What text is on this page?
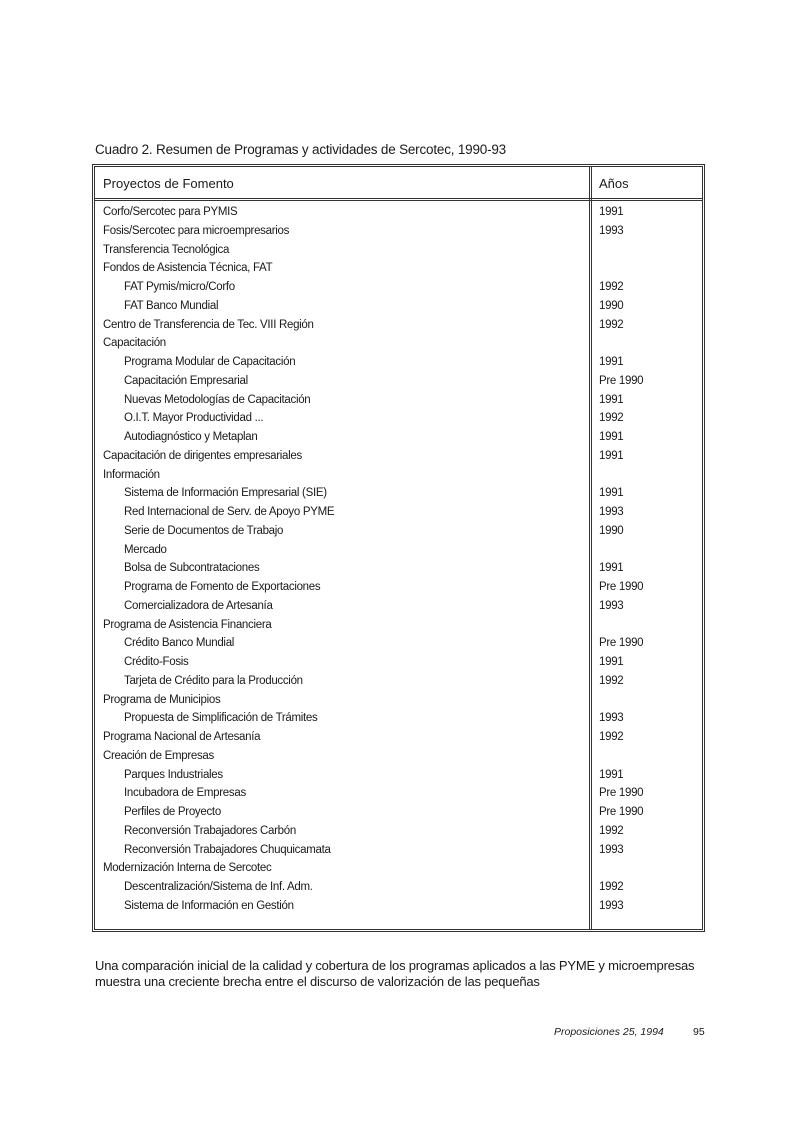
Cuadro 2. Resumen de Programas y actividades de Sercotec, 1990-93
Proyectos de Fomento	Años
Corfo/Sercotec para PYMIS	1991
Fosis/Sercotec para microempresarios	1993
Transferencia Tecnológica
Fondos de Asistencia Técnica, FAT
FAT Pymis/micro/Corfo	1992
FAT Banco Mundial	1990
Centro de Transferencia de Tec. VIII Región	1992
Capacitación
Programa Modular de Capacitación	1991
Capacitación Empresarial	Pre 1990
Nuevas Metodologías de Capacitación	1991
O.I.T. Mayor Productividad ...	1992
Autodiagnóstico y Metaplan	1991
Capacitación de dirigentes empresariales	1991
Información
Sistema de Información Empresarial (SIE)	1991
Red Internacional de Serv. de Apoyo PYME	1993
Serie de Documentos de Trabajo	1990
Mercado
Bolsa de Subcontrataciones	1991
Programa de Fomento de Exportaciones	Pre 1990
Comercializadora de Artesanía	1993
Programa de Asistencia Financiera
Crédito Banco Mundial	Pre 1990
Crédito-Fosis	1991
Tarjeta de Crédito para la Producción	1992
Programa de Municipios
Propuesta de Simplificación de Trámites	1993
Programa Nacional de Artesanía	1992
Creación de Empresas
Parques Industriales	1991
Incubadora de Empresas	Pre 1990
Perfiles de Proyecto	Pre 1990
Reconversión Trabajadores Carbón	1992
Reconversión Trabajadores Chuquicamata	1993
Modernización Interna de Sercotec
Descentralización/Sistema de Inf. Adm.	1992
Sistema de Información en Gestión	1993
Una comparación inicial de la calidad y cobertura de los programas aplicados a las PYME y microempresas muestra una creciente brecha entre el discurso de valorización de las pequeñas
Proposiciones 25, 1994	95
